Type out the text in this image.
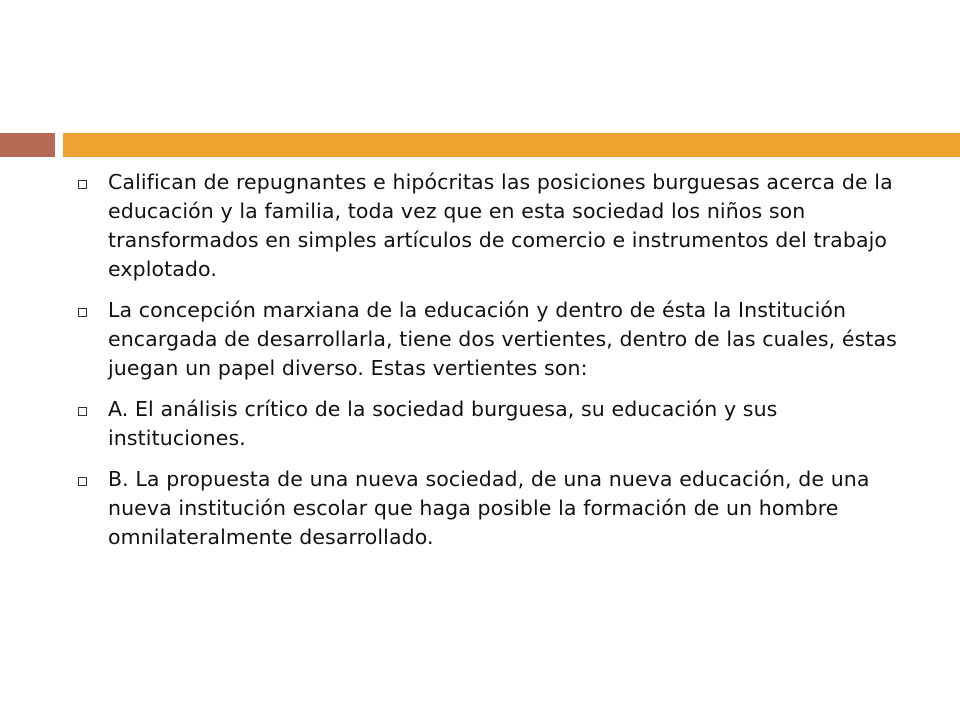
Califican de repugnantes e hipócritas las posiciones burguesas acerca de la educación y la familia, toda vez que en esta sociedad los niños son transformados en simples artículos de comercio e instrumentos del trabajo explotado.
La concepción marxiana de la educación y dentro de ésta la Institución encargada de desarrollarla, tiene dos vertientes, dentro de las cuales, éstas juegan un papel diverso. Estas vertientes son:
A. El análisis crítico de la sociedad burguesa, su educación y sus instituciones.
B. La propuesta de una nueva sociedad, de una nueva educación, de una nueva institución escolar que haga posible la formación de un hombre omnilateralmente desarrollado.
